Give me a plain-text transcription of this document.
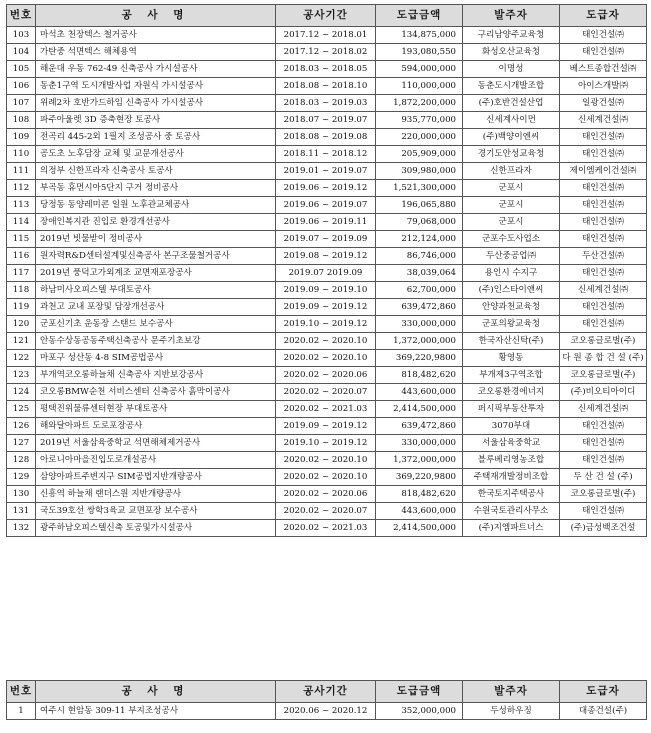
번호	공 사 명	공사기간	도급금액	발주자	도급자
103	마석초 천장텍스 철거공사	2017.12 ~ 2018.01	134,875,000	구리남양주교육청	태인건설㈜
104	가탄중 석면텍스 해체용역	2017.12 ~ 2018.02	193,080,550	화성오산교육청	태인건설㈜
105	해운대 우동 762-49 신축공사 가시설공사	2018.03 ~ 2018.05	594,000,000	이명성	베스트종합건설㈜
106	동춘1구역 도시개발사업 자원식 가시설공사	2018.08 ~ 2018.10	110,000,000	동춘도시개발조합	아이스개발㈜
107	위례2차 호반가드하임 신축공사 가시설공사	2018.03 ~ 2019.03	1,872,200,000	(주)호반건설산업	일광건설㈜
108	파주아울렛 3D 증축현장 토공사	2018.07 ~ 2019.07	935,770,000	신세계사이먼	신세계건설㈜
109	전곡리 445-2외 1필지 조성공사 중 토공사	2018.08 ~ 2019.08	220,000,000	(주)백양이엔씨	태인건설㈜
110	공도초 노후담장 교체 및 교문개선공사	2018.11 ~ 2018.12	205,909,000	경기도안성교육청	태인건설㈜
111	의정부 신한프라자 신축공사 토공사	2019.01 ~ 2019.07	309,980,000	신한프라자	제이엠케이건설㈜
112	부곡동 휴먼시아5단지 구거 정비공사	2019.06 ~ 2019.12	1,521,300,000	군포시	태인건설㈜
113	당정동 동양레미콘 일원 노후관교체공사	2019.06 ~ 2019.07	196,065,880	군포시	태인건설㈜
114	장애인복지관 진입로 환경개선공사	2019.06 ~ 2019.11	79,068,000	군포시	태인건설㈜
115	2019년 빗물받이 정비공사	2019.07 ~ 2019.09	212,124,000	군포수도사업소	태인건설㈜
116	원자력R&D센터설계및신축공사 본구조물철거공사	2019.08 ~ 2019.12	86,746,000	두산중공업㈜	두산건설㈜
117	2019년 풍덕고가외계조 교면재포장공사	2019.07 2019.09	38,039,064	용인시 수지구	태인건설㈜
118	하남미사오피스텔 부대토공사	2019.09 ~ 2019.10	62,700,000	(주)인스타이앤씨	신세계건설㈜
119	과천고 교내 포장및 담장개선공사	2019.09 ~ 2019.12	639,472,860	안양과천교육청	태인건설㈜
120	군포신기초 운동장 스탠드 보수공사	2019.10 ~ 2019.12	330,000,000	군포의왕교육청	태인건설㈜
121	안동수상동공동주택신축공사 문주기초보강	2020.02 ~ 2020.10	1,372,000,000	한국자산신탁(주)	코오롱글로벌(주)
122	마포구 성산동 4-8 SIM공법공사	2020.02 ~ 2020.10	369,220,9800	황영동	다 원 종 합 건 설 (주)
123	부개역코오롱하늘채 신축공사 지반보강공사	2020.02 ~ 2020.06	818,482,620	부개제3구역조합	코오롱글로벌(주)
124	코오롱BMW순천 서비스센터 신축공사 흙막이공사	2020.02 ~ 2020.07	443,600,000	코오롱환경에너지	(주)비오티아이디
125	평택진위물류센터현장 부대토공사	2020.02 ~ 2021.03	2,414,500,000	퍼시픽부동산투자	신세계건설㈜
126	해와달아파트 도로포장공사	2019.09 ~ 2019.12	639,472,860	3070부대	태인건설㈜
127	2019년 서울삼육중학교 석면해체제거공사	2019.10 ~ 2019.12	330,000,000	서울삼육중학교	태인건설㈜
128	아로니아마을진입도로개설공사	2020.02 ~ 2020.10	1,372,000,000	블루베리영농조합	태인건설㈜
129	삼양아파트주변지구 SIM공법지반개량공사	2020.02 ~ 2020.10	369,220,9800	주택재개발정비조합	두 산 건 설 (주)
130	신흥역 하늘채 랜더스원 지반개량공사	2020.02 ~ 2020.06	818,482,620	한국토지주택공사	코오롱글로벌(주)
131	국도39호선 쌍학3육교 교면포장 보수공사	2020.02 ~ 2020.07	443,600,000	수원국토관리사무소	태인건설㈜
132	광주하남오피스텔신축 토공및가시설공사	2020.02 ~ 2021.03	2,414,500,000	(주)지엠파트너스	(주)금성백조건설
번호	공 사 명	공사기간	도급금액	발주자	도급자
1	여주시 현암동 309-11 부지조성공사	2020.06 ~ 2020.12	352,000,000	두성하우징	대종건설(주)
